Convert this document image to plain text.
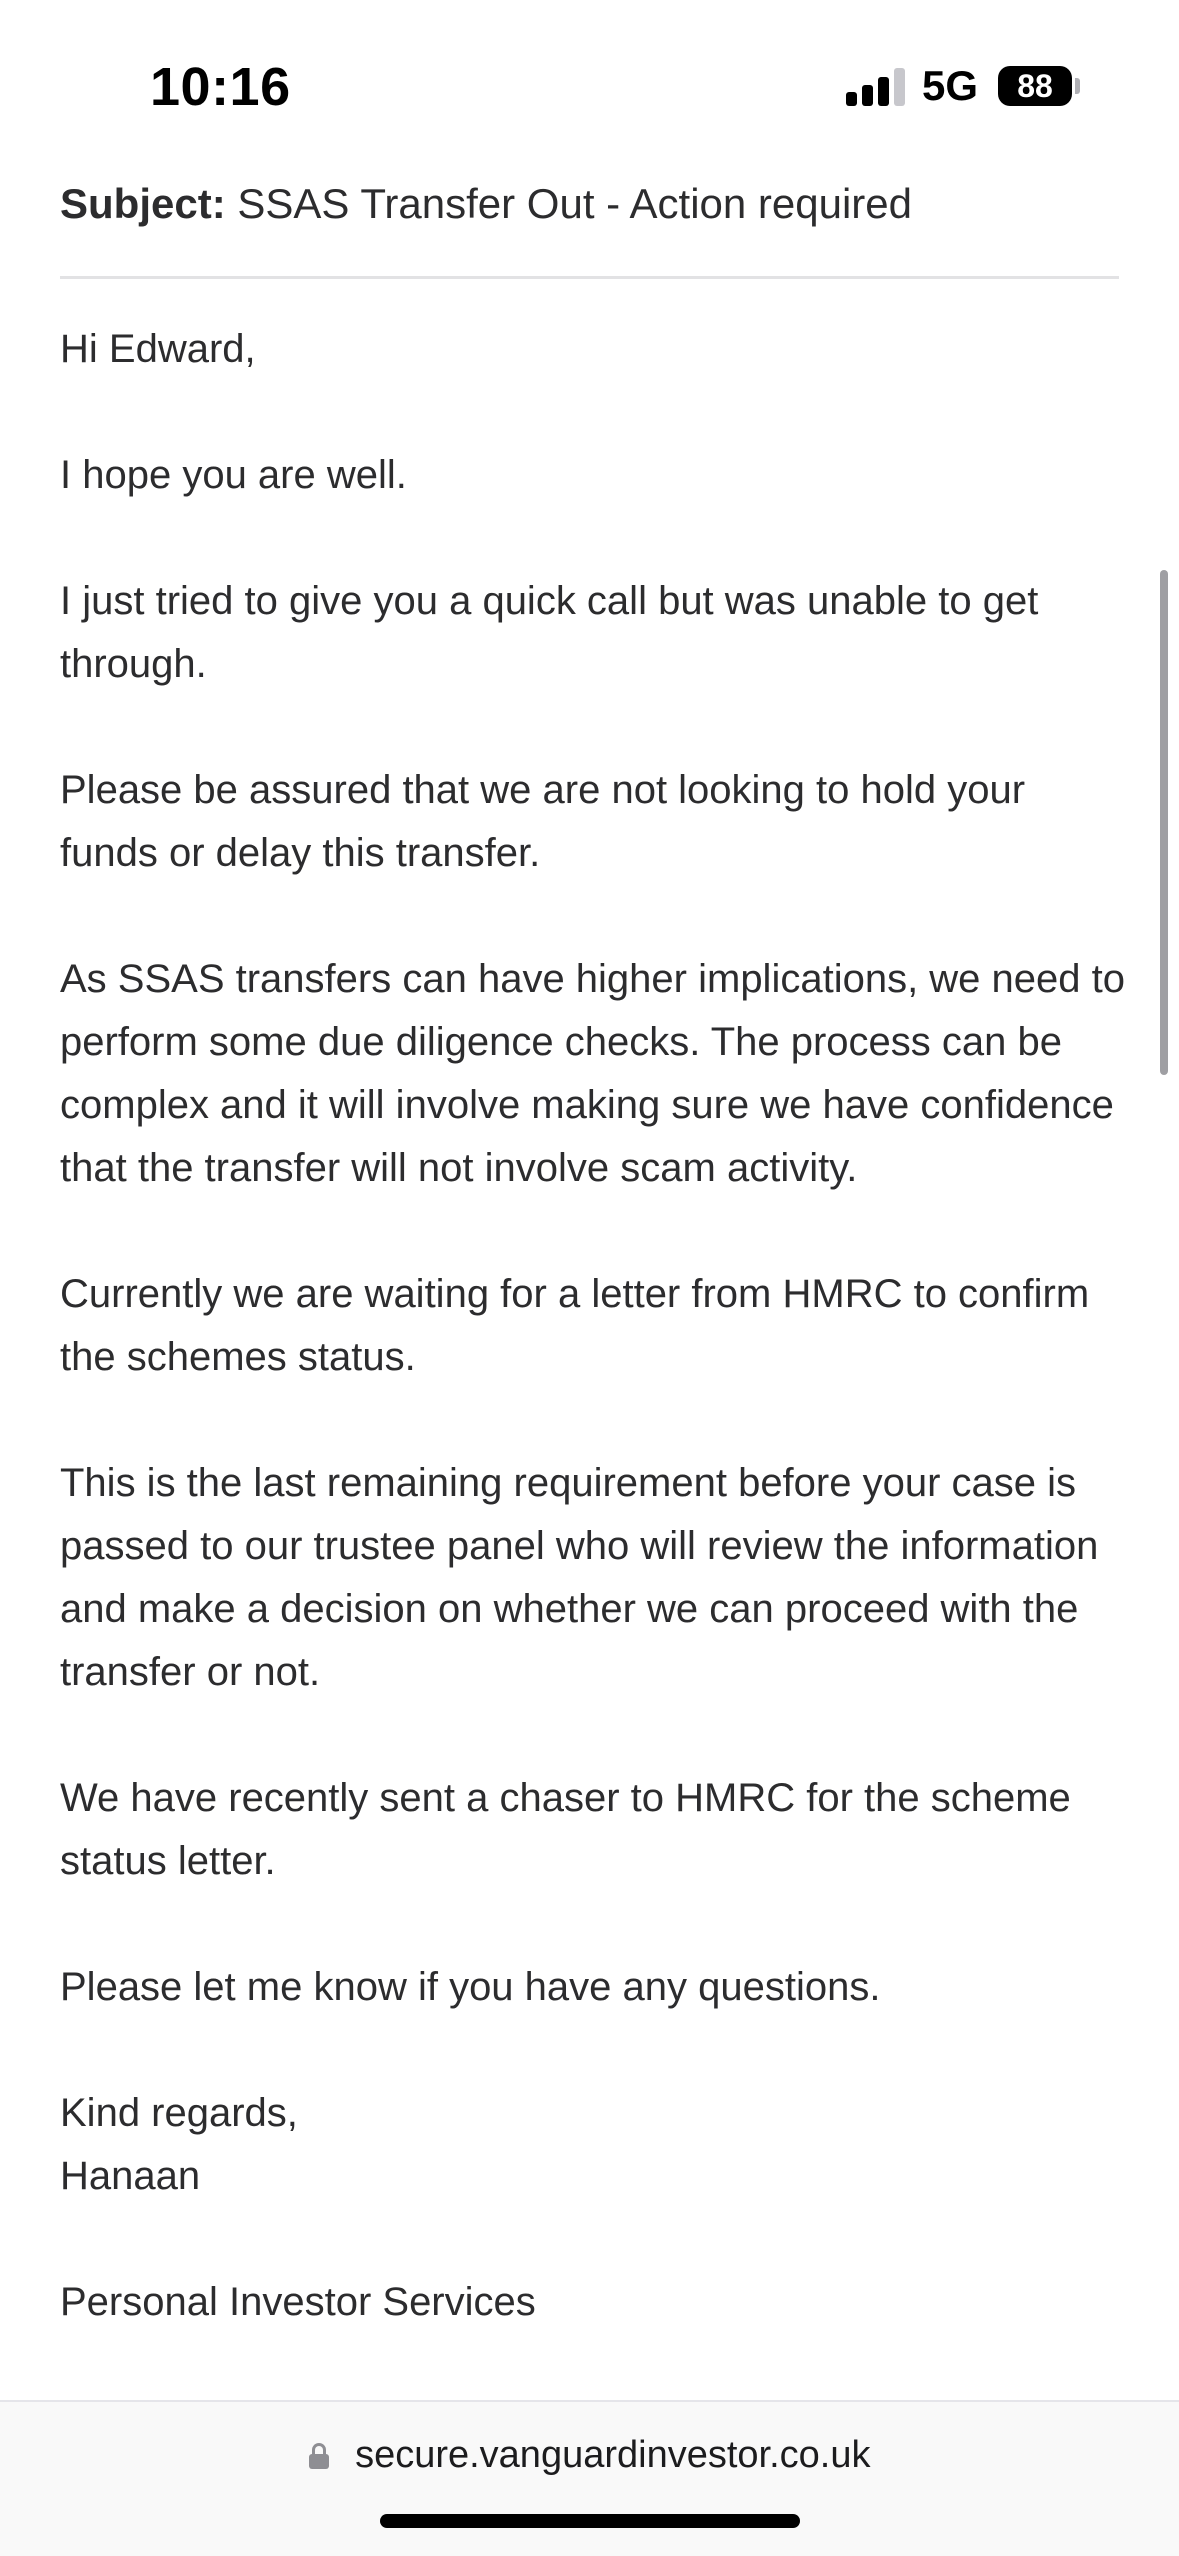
10:16	5G	88
Subject: SSAS Transfer Out - Action required

Hi Edward,

I hope you are well.

I just tried to give you a quick call but was unable to get through.

Please be assured that we are not looking to hold your funds or delay this transfer.

As SSAS transfers can have higher implications, we need to perform some due diligence checks. The process can be complex and it will involve making sure we have confidence that the transfer will not involve scam activity.

Currently we are waiting for a letter from HMRC to confirm the schemes status.

This is the last remaining requirement before your case is passed to our trustee panel who will review the information and make a decision on whether we can proceed with the transfer or not.

We have recently sent a chaser to HMRC for the scheme status letter.

Please let me know if you have any questions.

Kind regards,
Hanaan

Personal Investor Services

secure.vanguardinvestor.co.uk
